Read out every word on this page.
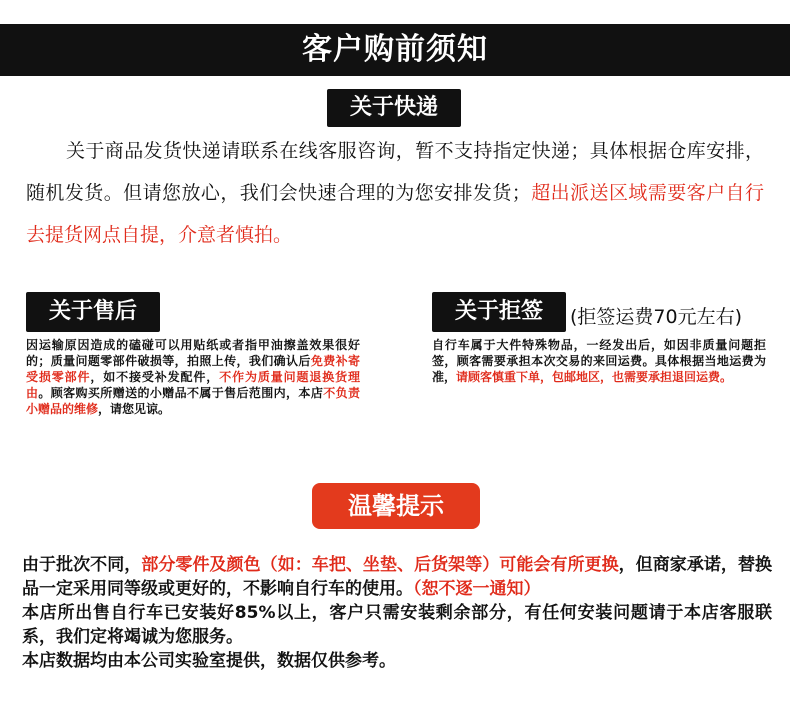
客户购前须知
关于快递
关于商品发货快递请联系在线客服咨询，暂不支持指定快递；具体根据仓库安排，随机发货。但请您放心，我们会快速合理的为您安排发货；超出派送区域需要客户自行去提货网点自提，介意者慎拍。
关于售后
因运输原因造成的磕碰可以用贴纸或者指甲油擦盖效果很好的；质量问题零部件破损等，拍照上传，我们确认后免费补寄受损零部件，如不接受补发配件，不作为质量问题退换货理由。顾客购买所赠送的小赠品不属于售后范围内，本店不负责小赠品的维修，请您见谅。
关于拒签	(拒签运费70元左右)
自行车属于大件特殊物品，一经发出后，如因非质量问题拒签，顾客需要承担本次交易的来回运费。具体根据当地运费为准，请顾客慎重下单，包邮地区，也需要承担退回运费。
温馨提示

由于批次不同，部分零件及颜色（如：车把、坐垫、后货架等）可能会有所更换，但商家承诺，替换品一定采用同等级或更好的，不影响自行车的使用。（恕不逐一通知）

本店所出售自行车已安装好85%以上，客户只需安装剩余部分，有任何安装问题请于本店客服联系，我们定将竭诚为您服务。

本店数据均由本公司实验室提供，数据仅供参考。
